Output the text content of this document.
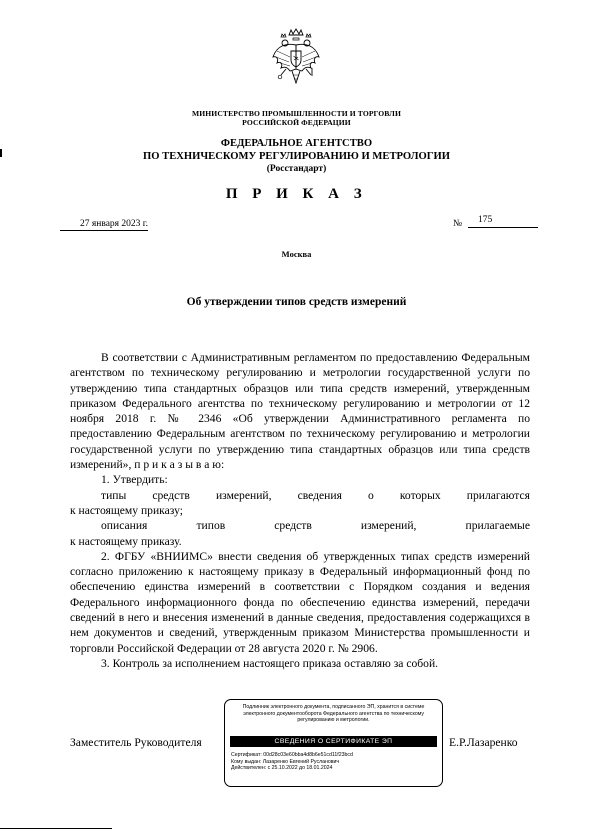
МИНИСТЕРСТВО ПРОМЫШЛЕННОСТИ И ТОРГОВЛИ
РОССИЙСКОЙ ФЕДЕРАЦИИ
ФЕДЕРАЛЬНОЕ АГЕНТСТВО
ПО ТЕХНИЧЕСКОМУ РЕГУЛИРОВАНИЮ И МЕТРОЛОГИИ
(Росстандарт)
П Р И К А З
27 января 2023 г.	№	175
Москва
Об утверждении типов средств измерений

В соответствии с Административным регламентом по предоставлению Федеральным агентством по техническому регулированию и метрологии государственной услуги по утверждению типа стандартных образцов или типа средств измерений, утвержденным приказом Федерального агентства по техническому регулированию и метрологии от 12 ноября 2018 г. № 2346 «Об утверждении Административного регламента по предоставлению Федеральным агентством по техническому регулированию и метрологии государственной услуги по утверждению типа стандартных образцов или типа средств измерений», п р и к а з ы в а ю:

1. Утвердить:

типы средств измерений, сведения о которых прилагаются

к настоящему приказу;

описания типов средств измерений, прилагаемые

к настоящему приказу.

2. ФГБУ «ВНИИМС» внести сведения об утвержденных типах средств измерений согласно приложению к настоящему приказу в Федеральный информационный фонд по обеспечению единства измерений в соответствии с Порядком создания и ведения Федерального информационного фонда по обеспечению единства измерений, передачи сведений в него и внесения изменений в данные сведения, предоставления содержащихся в нем документов и сведений, утвержденным приказом Министерства промышленности и торговли Российской Федерации от 28 августа 2020 г. № 2906.

3. Контроль за исполнением настоящего приказа оставляю за собой.

Заместитель Руководителя	Е.Р.Лазаренко
Подлинник электронного документа, подписанного ЭП, хранится в системе электронного документооборота Федерального агентства по техническому регулированию и метрологии.
СВЕДЕНИЯ О СЕРТИФИКАТЕ ЭП
Сертификат: 00d28c03e60bba4d8b6e51cd11f23bcd
Кому выдан: Лазаренко Евгений Русланович
Действителен: с 25.10.2022 до 18.01.2024
